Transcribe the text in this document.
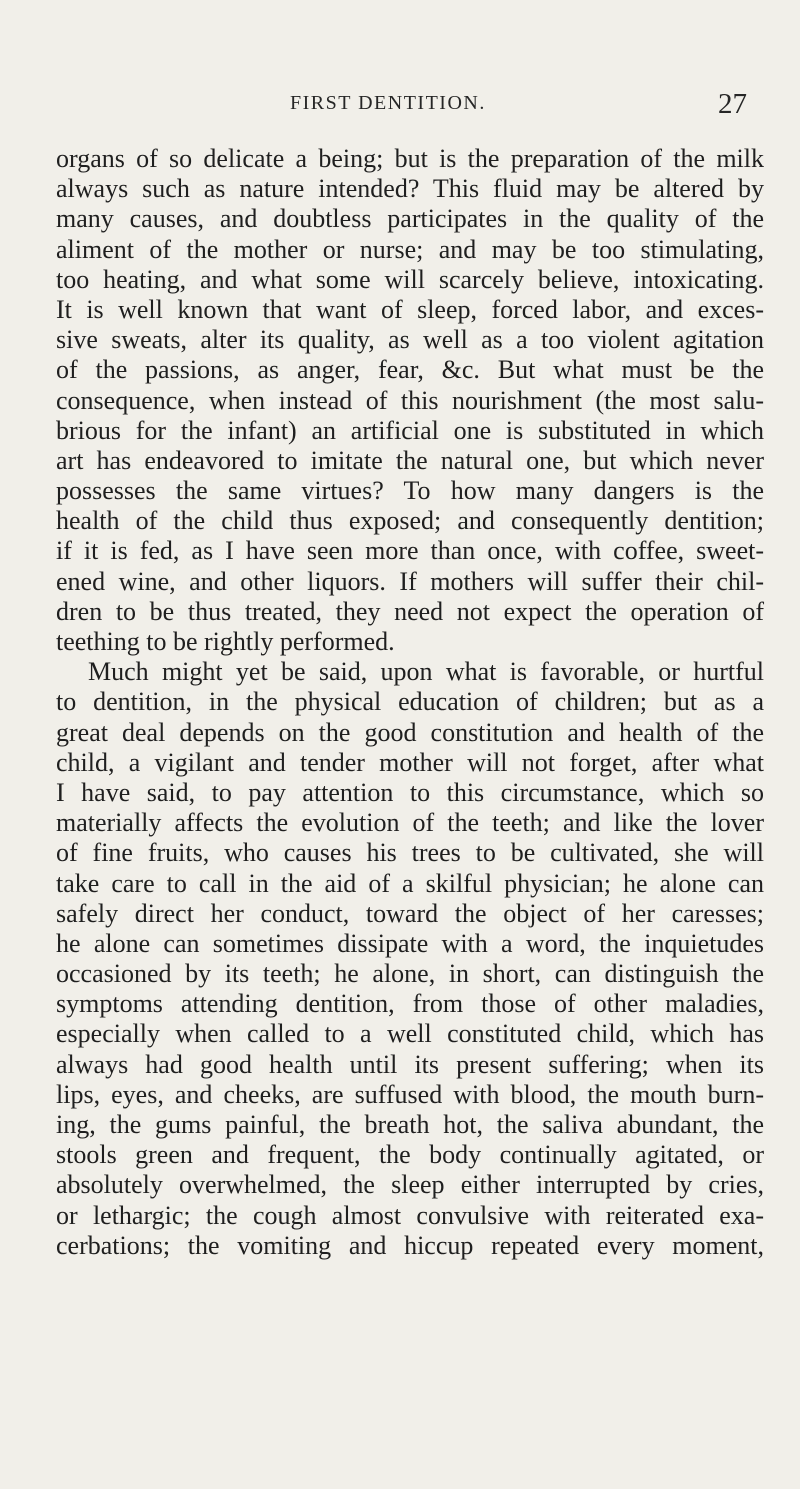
FIRST DENTITION.	27
organs of so delicate a being; but is the preparation of the milk
always such as nature intended? This fluid may be altered by
many causes, and doubtless participates in the quality of the
aliment of the mother or nurse; and may be too stimulating,
too heating, and what some will scarcely believe, intoxicating.
It is well known that want of sleep, forced labor, and exces-
sive sweats, alter its quality, as well as a too violent agitation
of the passions, as anger, fear, &c. But what must be the
consequence, when instead of this nourishment (the most salu-
brious for the infant) an artificial one is substituted in which
art has endeavored to imitate the natural one, but which never
possesses the same virtues? To how many dangers is the
health of the child thus exposed; and consequently dentition;
if it is fed, as I have seen more than once, with coffee, sweet-
ened wine, and other liquors. If mothers will suffer their chil-
dren to be thus treated, they need not expect the operation of
teething to be rightly performed.
Much might yet be said, upon what is favorable, or hurtful
to dentition, in the physical education of children; but as a
great deal depends on the good constitution and health of the
child, a vigilant and tender mother will not forget, after what
I have said, to pay attention to this circumstance, which so
materially affects the evolution of the teeth; and like the lover
of fine fruits, who causes his trees to be cultivated, she will
take care to call in the aid of a skilful physician; he alone can
safely direct her conduct, toward the object of her caresses;
he alone can sometimes dissipate with a word, the inquietudes
occasioned by its teeth; he alone, in short, can distinguish the
symptoms attending dentition, from those of other maladies,
especially when called to a well constituted child, which has
always had good health until its present suffering; when its
lips, eyes, and cheeks, are suffused with blood, the mouth burn-
ing, the gums painful, the breath hot, the saliva abundant, the
stools green and frequent, the body continually agitated, or
absolutely overwhelmed, the sleep either interrupted by cries,
or lethargic; the cough almost convulsive with reiterated exa-
cerbations; the vomiting and hiccup repeated every moment,
